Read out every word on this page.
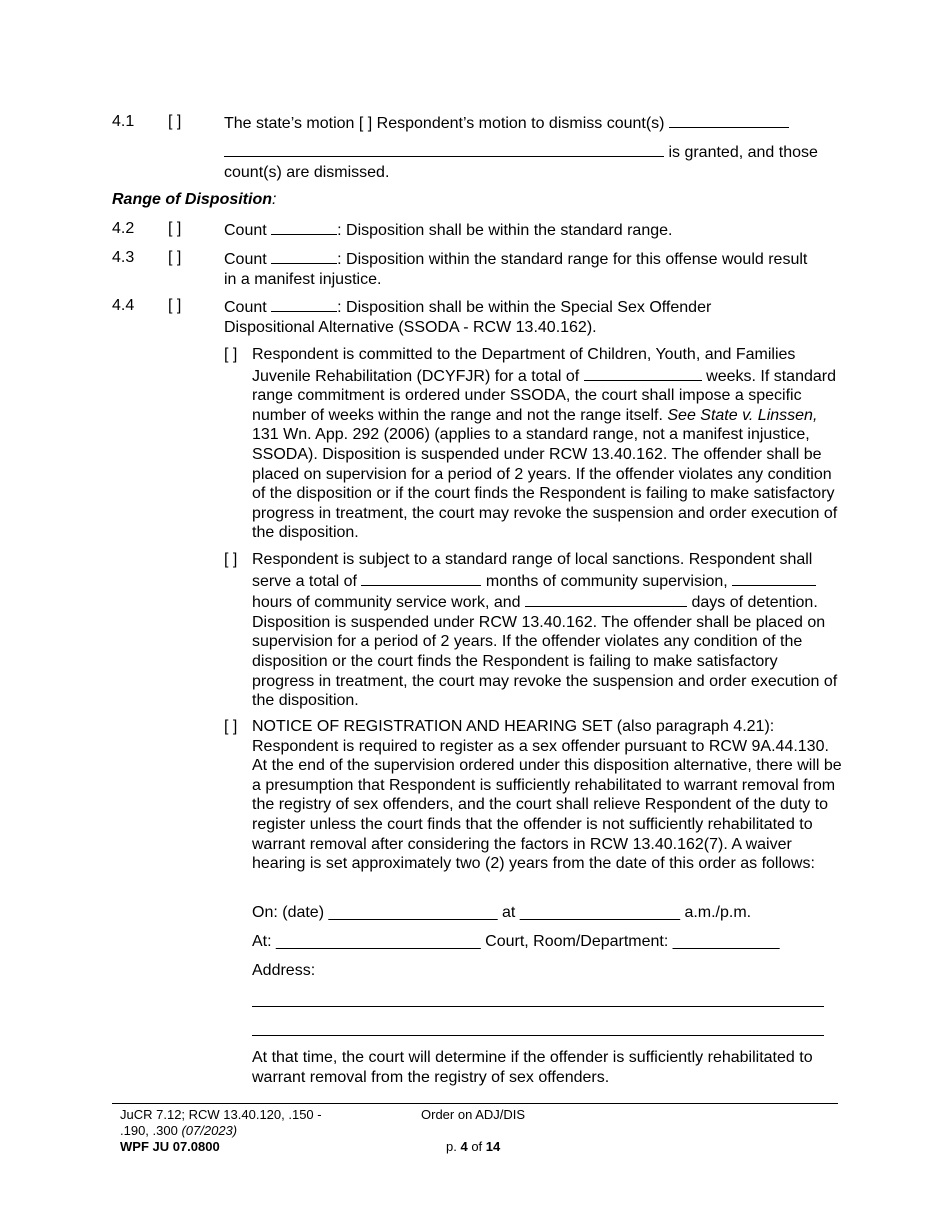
4.1 [ ]	The state’s motion [ ] Respondent’s motion to dismiss count(s)
is granted, and those count(s) are dismissed.
Range of Disposition:
4.2 [ ]	Count	: Disposition shall be within the standard range.
4.3 [ ]	Count	: Disposition within the standard range for this offense would result in a manifest injustice.
4.4 [ ]	Count	: Disposition shall be within the Special Sex Offender Dispositional Alternative (SSODA - RCW 13.40.162).
[ ] Respondent is committed to the Department of Children, Youth, and Families Juvenile Rehabilitation (DCYFJR) for a total of	weeks. If standard range commitment is ordered under SSODA, the court shall impose a specific number of weeks within the range and not the range itself. See State v. Linssen, 131 Wn. App. 292 (2006) (applies to a standard range, not a manifest injustice, SSODA). Disposition is suspended under RCW 13.40.162. The offender shall be placed on supervision for a period of 2 years. If the offender violates any condition of the disposition or if the court finds the Respondent is failing to make satisfactory progress in treatment, the court may revoke the suspension and order execution of the disposition.
[ ] Respondent is subject to a standard range of local sanctions. Respondent shall serve a total of	months of community supervision,  hours of community service work, and	days of detention. Disposition is suspended under RCW 13.40.162. The offender shall be placed on supervision for a period of 2 years. If the offender violates any condition of the disposition or the court finds the Respondent is failing to make satisfactory progress in treatment, the court may revoke the suspension and order execution of the disposition.
[ ] NOTICE OF REGISTRATION AND HEARING SET (also paragraph 4.21): Respondent is required to register as a sex offender pursuant to RCW 9A.44.130. At the end of the supervision ordered under this disposition alternative, there will be a presumption that Respondent is sufficiently rehabilitated to warrant removal from the registry of sex offenders, and the court shall relieve Respondent of the duty to register unless the court finds that the offender is not sufficiently rehabilitated to warrant removal after considering the factors in RCW 13.40.162(7). A waiver hearing is set approximately two (2) years from the date of this order as follows:
On: (date) ___________________ at __________________ a.m./p.m.
At: _______________________ Court, Room/Department: ____________
Address:
At that time, the court will determine if the offender is sufficiently rehabilitated to warrant removal from the registry of sex offenders.
JuCR 7.12; RCW 13.40.120, .150 -
.190, .300 (07/2023)
WPF JU 07.0800
Order on ADJ/DIS
p. 4 of 14
